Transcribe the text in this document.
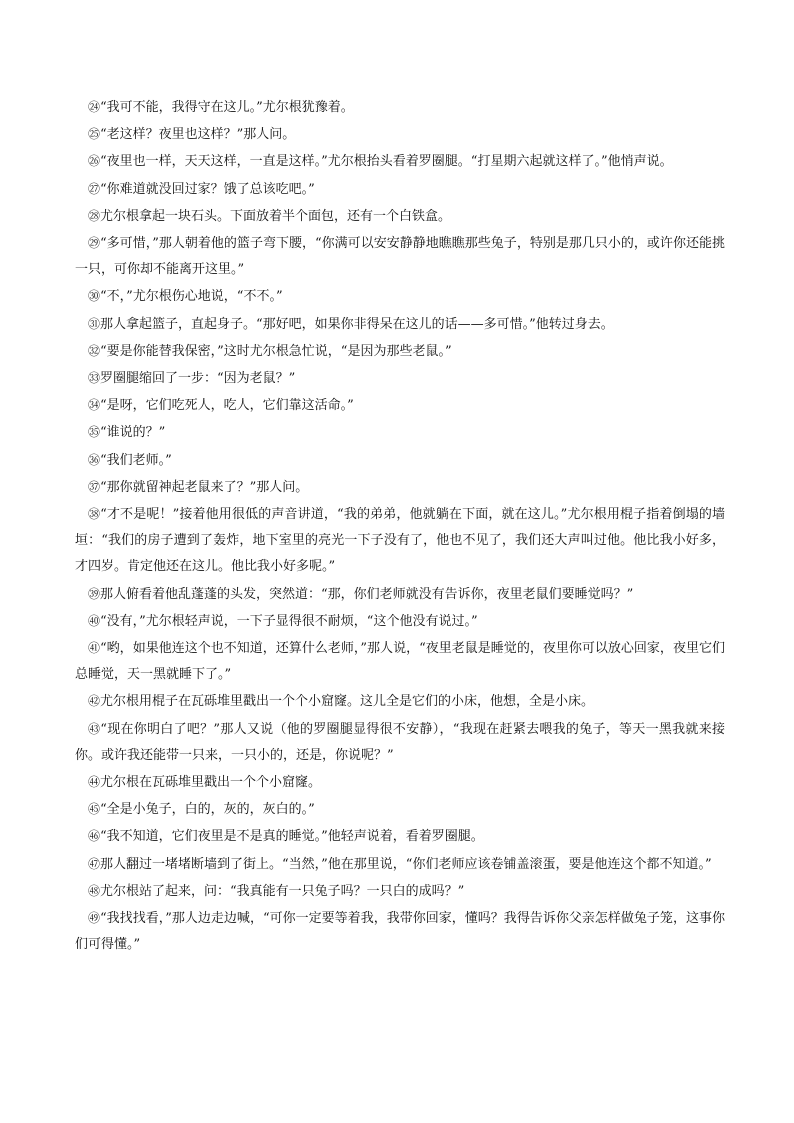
㉔“我可不能，我得守在这儿。”尤尔根犹豫着。

㉕“老这样？夜里也这样？”那人问。

㉖“夜里也一样，天天这样，一直是这样。”尤尔根抬头看着罗圈腿。“打星期六起就这样了。”他悄声说。

㉗“你难道就没回过家？饿了总该吃吧。”

㉘尤尔根拿起一块石头。下面放着半个面包，还有一个白铁盒。

㉙“多可惜，”那人朝着他的篮子弯下腰，“你满可以安安静静地瞧瞧那些兔子，特别是那几只小的，或许你还能挑一只，可你却不能离开这里。”

㉚“不，”尤尔根伤心地说，“不不。”

㉛那人拿起篮子，直起身子。“那好吧，如果你非得呆在这儿的话——多可惜。”他转过身去。

㉜“要是你能替我保密，”这时尤尔根急忙说，“是因为那些老鼠。”

㉝罗圈腿缩回了一步：“因为老鼠？”

㉞“是呀，它们吃死人，吃人，它们靠这活命。”

㉟“谁说的？”

㊱“我们老师。”

㊲“那你就留神起老鼠来了？”那人问。

㊳“才不是呢！”接着他用很低的声音讲道，“我的弟弟，他就躺在下面，就在这儿。”尤尔根用棍子指着倒塌的墙垣：“我们的房子遭到了轰炸，地下室里的亮光一下子没有了，他也不见了，我们还大声叫过他。他比我小好多，才四岁。肯定他还在这儿。他比我小好多呢。”

㊴那人俯看着他乱蓬蓬的头发，突然道：“那，你们老师就没有告诉你，夜里老鼠们要睡觉吗？”

㊵“没有，”尤尔根轻声说，一下子显得很不耐烦，“这个他没有说过。”

㊶“哟，如果他连这个也不知道，还算什么老师，”那人说，“夜里老鼠是睡觉的，夜里你可以放心回家，夜里它们总睡觉，天一黑就睡下了。”

㊷尤尔根用棍子在瓦砾堆里戳出一个个小窟窿。这儿全是它们的小床，他想，全是小床。

㊸“现在你明白了吧？”那人又说（他的罗圈腿显得很不安静），“我现在赶紧去喂我的兔子，等天一黑我就来接你。或许我还能带一只来，一只小的，还是，你说呢？”

㊹尤尔根在瓦砾堆里戳出一个个小窟窿。

㊺“全是小兔子，白的，灰的，灰白的。”

㊻“我不知道，它们夜里是不是真的睡觉。”他轻声说着，看着罗圈腿。

㊼那人翻过一堵堵断墙到了街上。“当然，”他在那里说，“你们老师应该卷铺盖滚蛋，要是他连这个都不知道。”

㊽尤尔根站了起来，问：“我真能有一只兔子吗？一只白的成吗？”

㊾“我找找看，”那人边走边喊，“可你一定要等着我，我带你回家，懂吗？我得告诉你父亲怎样做兔子笼，这事你们可得懂。”
